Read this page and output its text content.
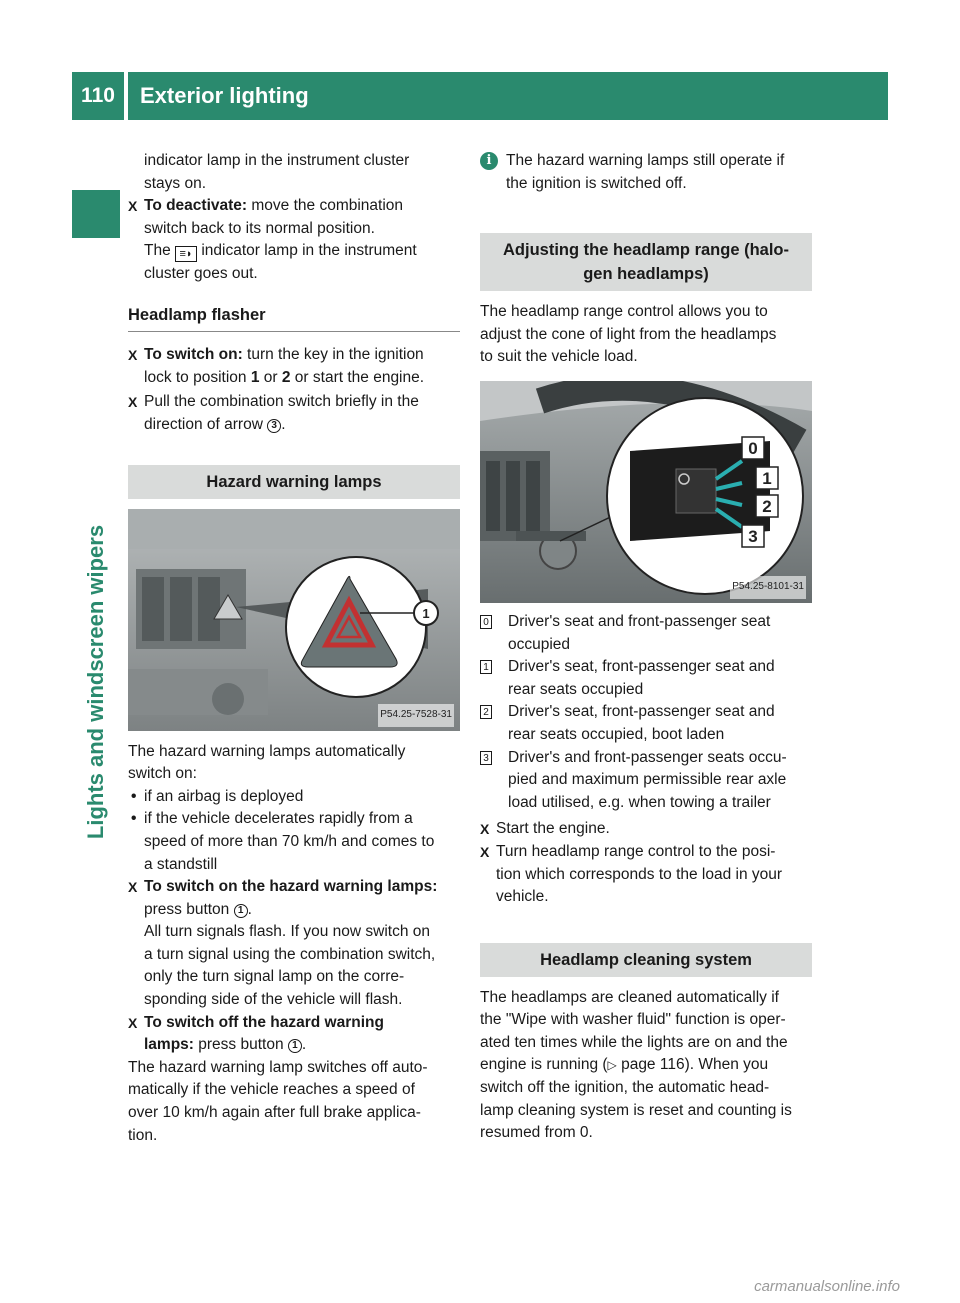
110	Exterior lighting
Lights and windscreen wipers

indicator lamp in the instrument cluster

stays on.

X To deactivate: move the combination

switch back to its normal position.

The ≡◗ indicator lamp in the instrument

cluster goes out.

Headlamp flasher
X To switch on: turn the key in the ignition

lock to position 1 or 2 or start the engine.

X Pull the combination switch briefly in the

direction of arrow 3 .

Hazard warning lamps
1
P54.25-7528-31

The hazard warning lamps automatically

switch on:

• if an airbag is deployed

• if the vehicle decelerates rapidly from a

speed of more than 70 km/h and comes to

a standstill

X To switch on the hazard warning lamps:

press button 1 .

All turn signals flash. If you now switch on

a turn signal using the combination switch,

only the turn signal lamp on the corre-

sponding side of the vehicle will flash.

X To switch off the hazard warning

lamps: press button 1 .

The hazard warning lamp switches off auto-

matically if the vehicle reaches a speed of

over 10 km/h again after full brake applica-

tion.

i The hazard warning lamps still operate if

the ignition is switched off.

Adjusting the headlamp range (halo-
gen headlamps)

The headlamp range control allows you to

adjust the cone of light from the headlamps

to suit the vehicle load.

0
1
2
3
P54.25-8101-31
0 Driver's seat and front-passenger seat

occupied

1 Driver's seat, front-passenger seat and

rear seats occupied

2 Driver's seat, front-passenger seat and

rear seats occupied, boot laden

3 Driver's and front-passenger seats occu-

pied and maximum permissible rear axle

load utilised, e.g. when towing a trailer

X Start the engine.

X Turn headlamp range control to the posi-

tion which corresponds to the load in your

vehicle.

Headlamp cleaning system

The headlamps are cleaned automatically if

the "Wipe with washer fluid" function is oper-

ated ten times while the lights are on and the

engine is running (▷ page 116). When you

switch off the ignition, the automatic head-

lamp cleaning system is reset and counting is

resumed from 0.

carmanualsonline.info
